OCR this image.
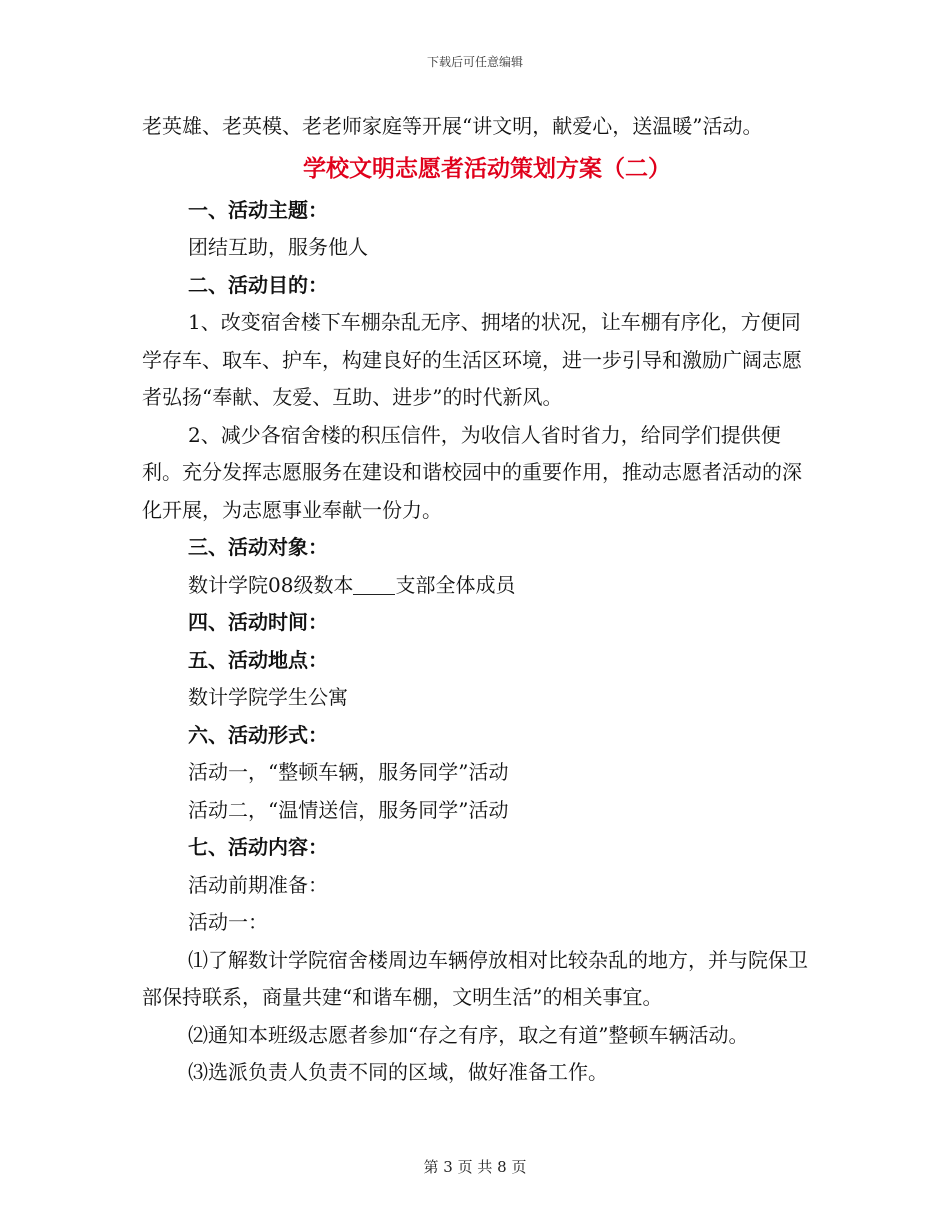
下载后可任意编辑

老英雄、老英模、老老师家庭等开展“讲文明，献爱心，送温暖”活动。

学校文明志愿者活动策划方案（二）

一、活动主题：

团结互助，服务他人

二、活动目的：

1、改变宿舍楼下车棚杂乱无序、拥堵的状况，让车棚有序化，方便同学存车、取车、护车，构建良好的生活区环境，进一步引导和激励广阔志愿者弘扬“奉献、友爱、互助、进步”的时代新风。

2、减少各宿舍楼的积压信件，为收信人省时省力，给同学们提供便利。充分发挥志愿服务在建设和谐校园中的重要作用，推动志愿者活动的深化开展，为志愿事业奉献一份力。

三、活动对象：

数计学院08级数本 支部全体成员

四、活动时间：

五、活动地点：

数计学院学生公寓

六、活动形式：

活动一，“整顿车辆，服务同学”活动

活动二，“温情送信，服务同学”活动

七、活动内容：

活动前期准备：

活动一：

⑴了解数计学院宿舍楼周边车辆停放相对比较杂乱的地方，并与院保卫部保持联系，商量共建“和谐车棚，文明生活”的相关事宜。

⑵通知本班级志愿者参加“存之有序，取之有道”整顿车辆活动。

⑶选派负责人负责不同的区域，做好准备工作。

第 3 页 共 8 页
